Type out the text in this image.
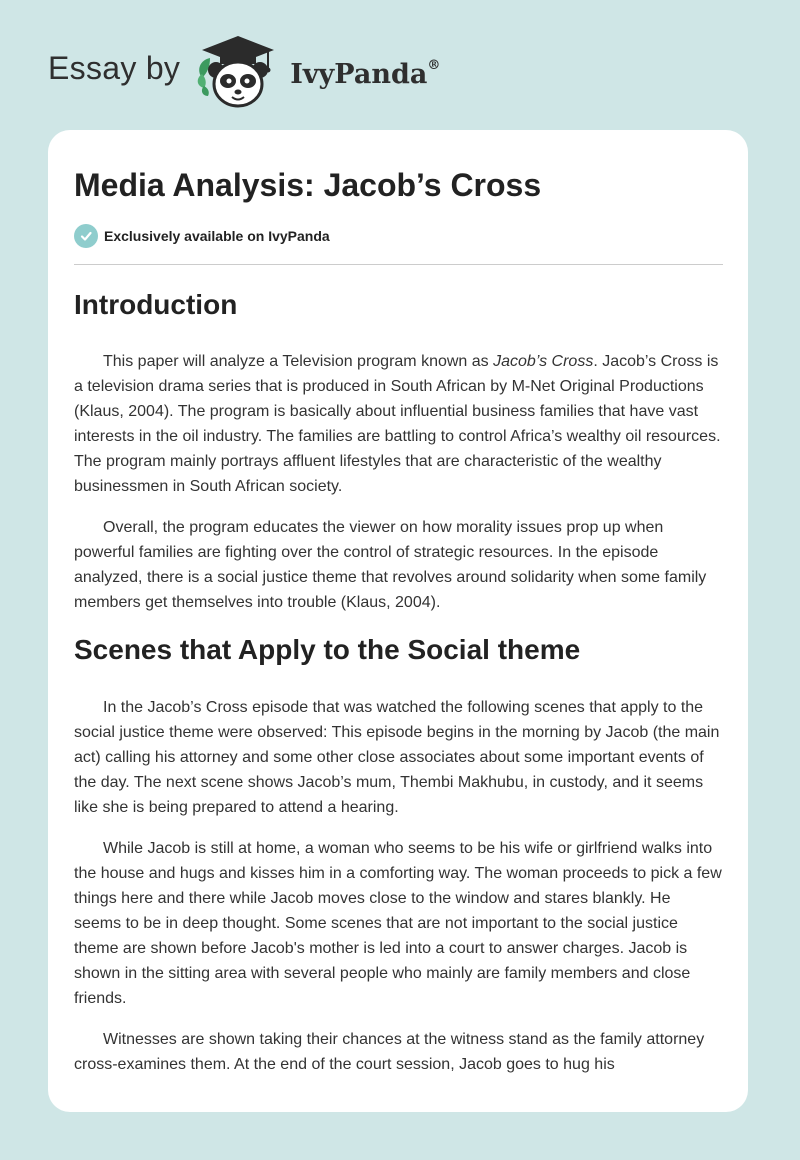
Essay by	IvyPanda®
Media Analysis: Jacob’s Cross
Exclusively available on IvyPanda
Introduction

This paper will analyze a Television program known as Jacob’s Cross. Jacob’s Cross is a television drama series that is produced in South African by M-Net Original Productions (Klaus, 2004). The program is basically about influential business families that have vast interests in the oil industry. The families are battling to control Africa’s wealthy oil resources. The program mainly portrays affluent lifestyles that are characteristic of the wealthy businessmen in South African society.

Overall, the program educates the viewer on how morality issues prop up when powerful families are fighting over the control of strategic resources. In the episode analyzed, there is a social justice theme that revolves around solidarity when some family members get themselves into trouble (Klaus, 2004).

Scenes that Apply to the Social theme

In the Jacob’s Cross episode that was watched the following scenes that apply to the social justice theme were observed: This episode begins in the morning by Jacob (the main act) calling his attorney and some other close associates about some important events of the day. The next scene shows Jacob’s mum, Thembi Makhubu, in custody, and it seems like she is being prepared to attend a hearing.

While Jacob is still at home, a woman who seems to be his wife or girlfriend walks into the house and hugs and kisses him in a comforting way. The woman proceeds to pick a few things here and there while Jacob moves close to the window and stares blankly. He seems to be in deep thought. Some scenes that are not important to the social justice theme are shown before Jacob's mother is led into a court to answer charges. Jacob is shown in the sitting area with several people who mainly are family members and close friends.

Witnesses are shown taking their chances at the witness stand as the family attorney cross-examines them. At the end of the court session, Jacob goes to hug his
